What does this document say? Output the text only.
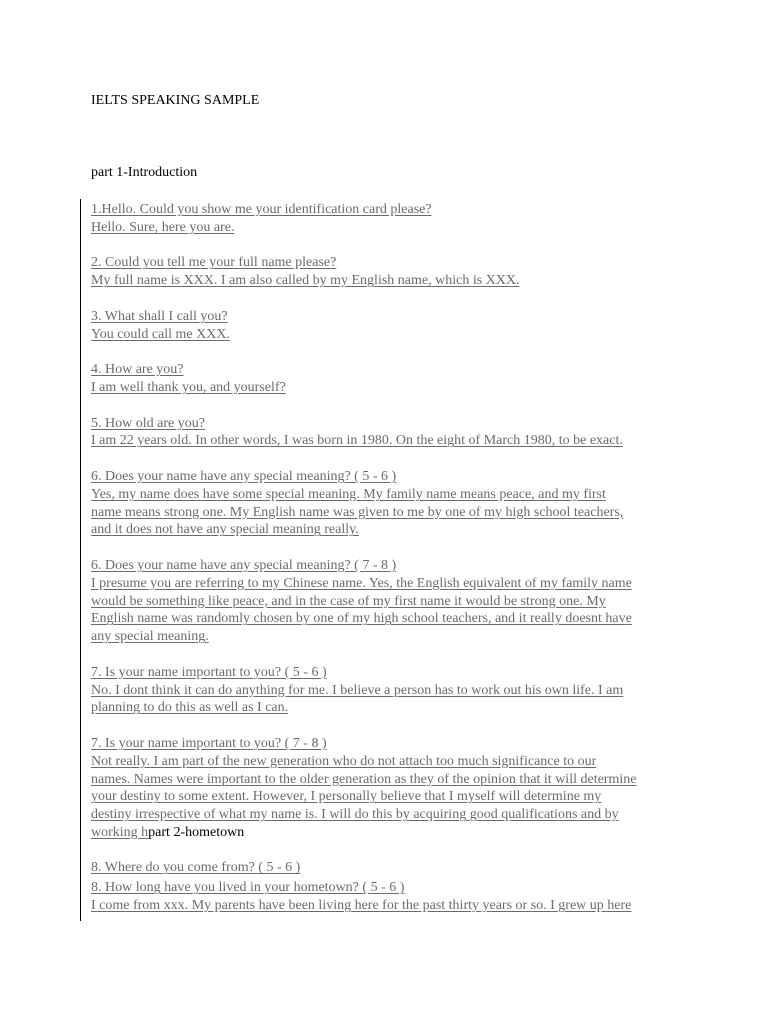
IELTS SPEAKING SAMPLE
part 1-Introduction
1.Hello. Could you show me your identification card please?
Hello. Sure, here you are.
2. Could you tell me your full name please?
My full name is XXX. I am also called by my English name, which is XXX.
3. What shall I call you?
You could call me XXX.
4. How are you?
I am well thank you, and yourself?
5. How old are you?
I am 22 years old. In other words, I was born in 1980. On the eight of March 1980, to be exact.
6. Does your name have any special meaning? ( 5 - 6 )
Yes, my name does have some special meaning. My family name means peace, and my first
name means strong one. My English name was given to me by one of my high school teachers,
and it does not have any special meaning really.
6. Does your name have any special meaning? ( 7 - 8 )
I presume you are referring to my Chinese name. Yes, the English equivalent of my family name
would be something like peace, and in the case of my first name it would be strong one. My
English name was randomly chosen by one of my high school teachers, and it really doesnt have
any special meaning.
7. Is your name important to you? ( 5 - 6 )
No. I dont think it can do anything for me. I believe a person has to work out his own life. I am
planning to do this as well as I can.
7. Is your name important to you? ( 7 - 8 )
Not really. I am part of the new generation who do not attach too much significance to our
names. Names were important to the older generation as they of the opinion that it will determine
your destiny to some extent. However, I personally believe that I myself will determine my
destiny irrespective of what my name is. I will do this by acquiring good qualifications and by
working hpart 2-hometown
8. Where do you come from? ( 5 - 6 )
8. How long have you lived in your hometown? ( 5 - 6 )
I come from xxx. My parents have been living here for the past thirty years or so. I grew up here
